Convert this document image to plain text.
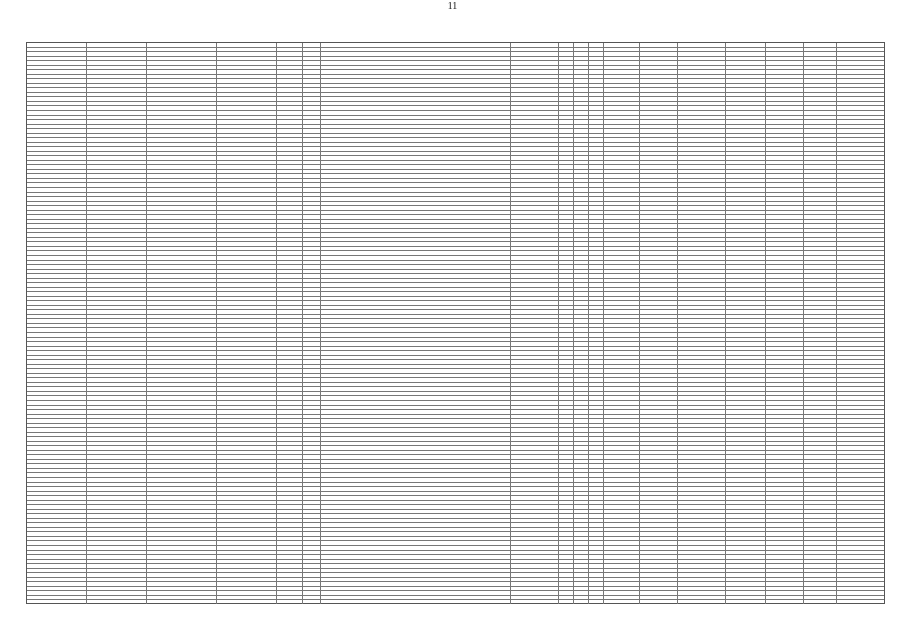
11
